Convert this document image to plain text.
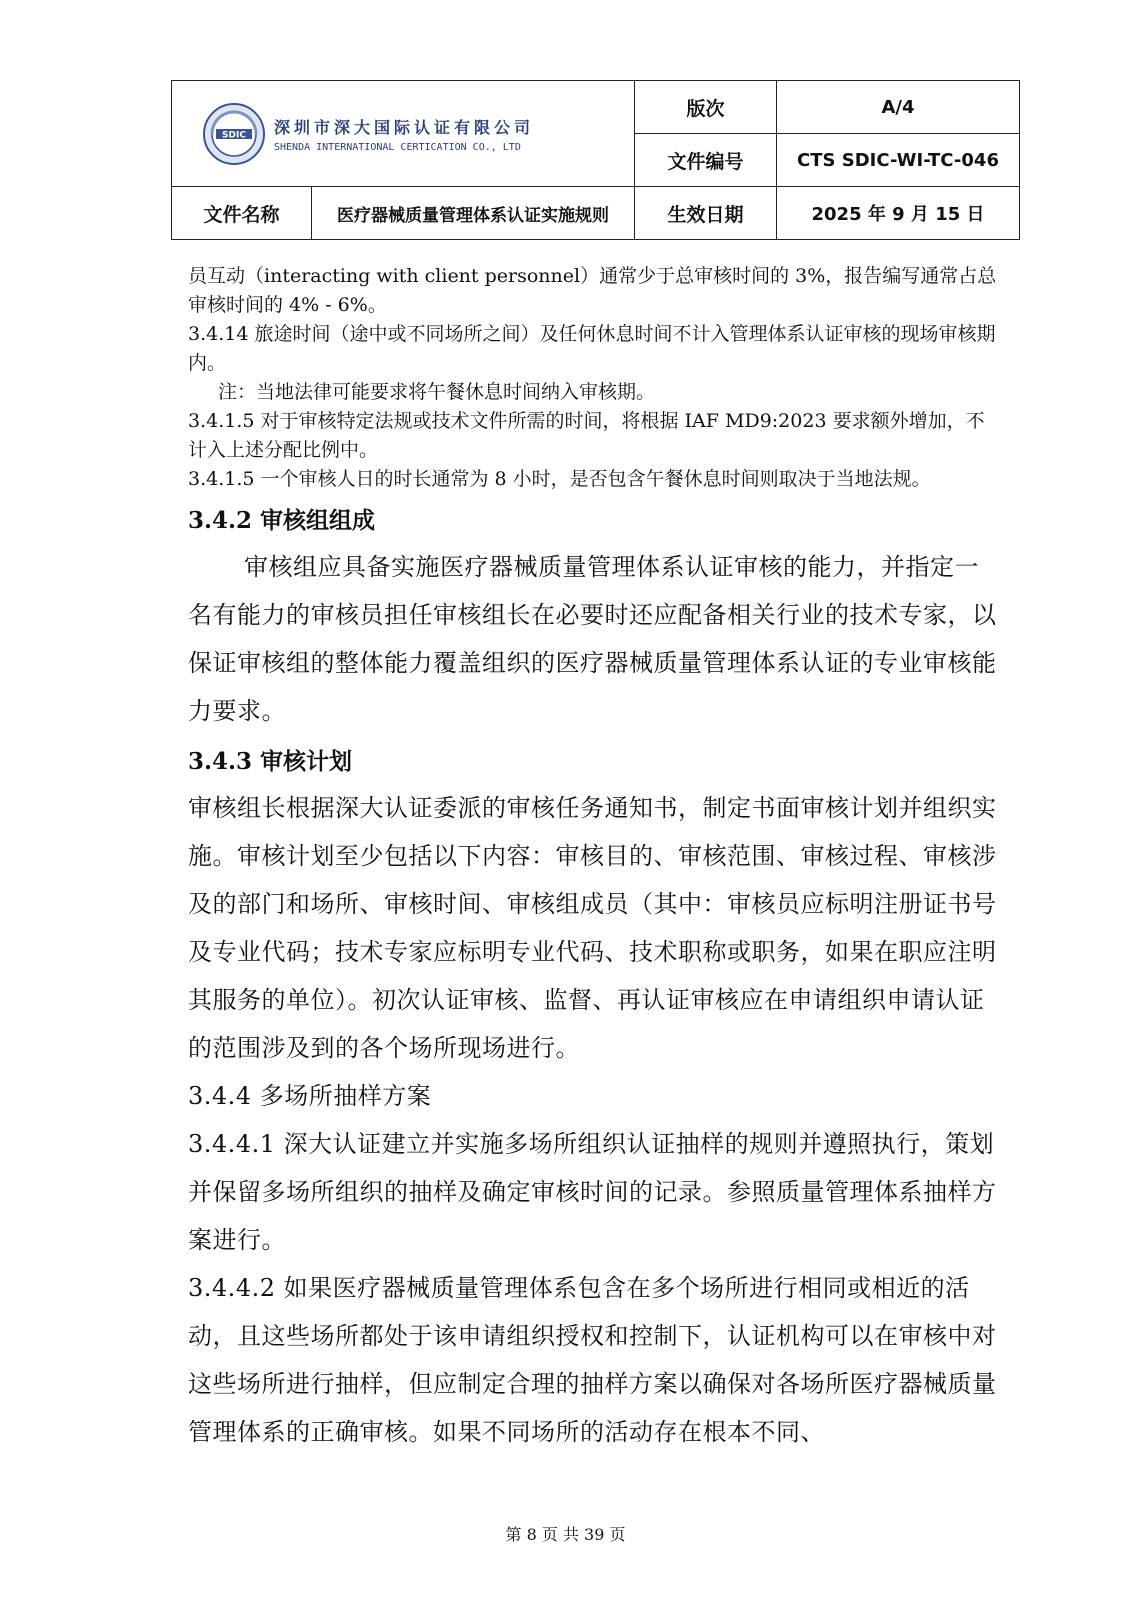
SDIC 深圳市深大国际认证有限公司
SHENDA INTERNATIONAL CERTICATION CO., LTD		版次	A/4
		文件编号	CTS SDIC-WI-TC-046
文件名称	医疗器械质量管理体系认证实施规则	生效日期	2025 年 9 月 15 日

员互动（interacting with client personnel）通常少于总审核时间的 3%，报告编写通常占总审核时间的 4% - 6%。

3.4.14 旅途时间（途中或不同场所之间）及任何休息时间不计入管理体系认证审核的现场审核期内。

注：当地法律可能要求将午餐休息时间纳入审核期。

3.4.1.5 对于审核特定法规或技术文件所需的时间，将根据 IAF MD9:2023 要求额外增加，不计入上述分配比例中。

3.4.1.5 一个审核人日的时长通常为 8 小时，是否包含午餐休息时间则取决于当地法规。

3.4.2 审核组组成

审核组应具备实施医疗器械质量管理体系认证审核的能力，并指定一名有能力的审核员担任审核组长在必要时还应配备相关行业的技术专家，以保证审核组的整体能力覆盖组织的医疗器械质量管理体系认证的专业审核能力要求。

3.4.3 审核计划

审核组长根据深大认证委派的审核任务通知书，制定书面审核计划并组织实施。审核计划至少包括以下内容：审核目的、审核范围、审核过程、审核涉及的部门和场所、审核时间、审核组成员（其中：审核员应标明注册证书号及专业代码；技术专家应标明专业代码、技术职称或职务，如果在职应注明其服务的单位）。初次认证审核、监督、再认证审核应在申请组织申请认证的范围涉及到的各个场所现场进行。

3.4.4 多场所抽样方案

3.4.4.1 深大认证建立并实施多场所组织认证抽样的规则并遵照执行，策划并保留多场所组织的抽样及确定审核时间的记录。参照质量管理体系抽样方案进行。

3.4.4.2 如果医疗器械质量管理体系包含在多个场所进行相同或相近的活动，且这些场所都处于该申请组织授权和控制下，认证机构可以在审核中对这些场所进行抽样，但应制定合理的抽样方案以确保对各场所医疗器械质量管理体系的正确审核。如果不同场所的活动存在根本不同、

第 8 页 共 39 页
